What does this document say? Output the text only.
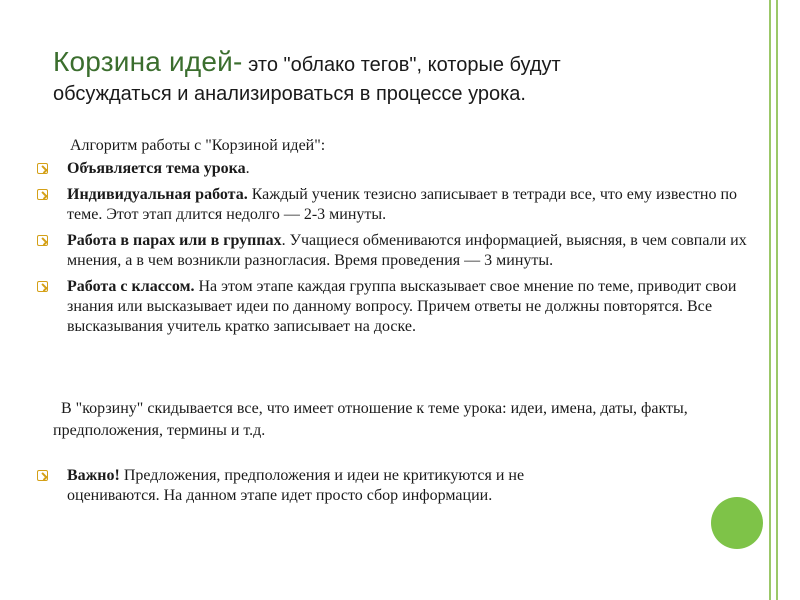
Корзина идей- это "облако тегов", которые будут
обсуждаться и анализироваться в процессе урока.
Алгоритм работы с "Корзиной идей":
Объявляется тема урока.
Индивидуальная работа. Каждый ученик тезисно записывает в тетради все, что ему известно по теме. Этот этап длится недолго — 2-3 минуты.
Работа в парах или в группах. Учащиеся обмениваются информацией, выясняя, в чем совпали их мнения, а в чем возникли разногласия. Время проведения — 3 минуты.
Работа с классом. На этом этапе каждая группа высказывает свое мнение по теме, приводит свои знания или высказывает идеи по данному вопросу. Причем ответы не должны повторятся. Все высказывания учитель кратко записывает на доске.
В "корзину" скидывается все, что имеет отношение к теме урока: идеи, имена, даты, факты, предположения, термины и т.д.
Важно! Предложения, предположения и идеи не критикуются и не
оцениваются. На данном этапе идет просто сбор информации.
